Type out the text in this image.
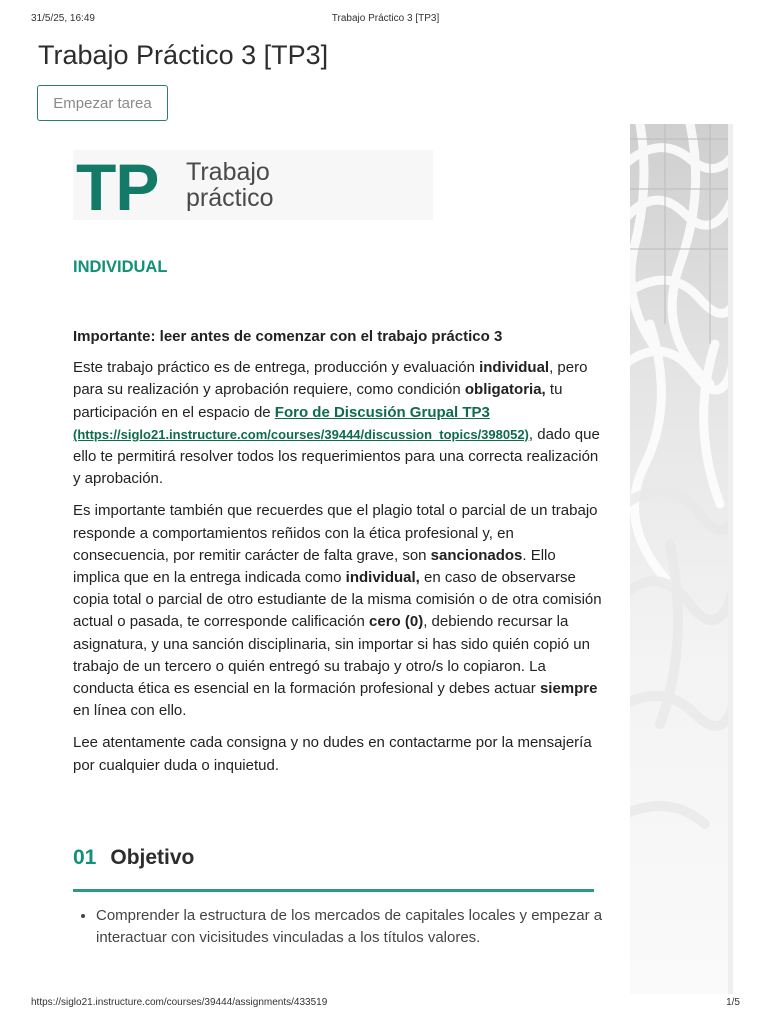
31/5/25, 16:49	Trabajo Práctico 3 [TP3]
Trabajo Práctico 3 [TP3]
Empezar tarea
TP Trabajo
práctico
INDIVIDUAL

Importante: leer antes de comenzar con el trabajo práctico 3

Este trabajo práctico es de entrega, producción y evaluación individual, pero para su realización y aprobación requiere, como condición obligatoria, tu participación en el espacio de Foro de Discusión Grupal TP3 (https://siglo21.instructure.com/courses/39444/discussion_topics/398052), dado que ello te permitirá resolver todos los requerimientos para una correcta realización y aprobación.

Es importante también que recuerdes que el plagio total o parcial de un trabajo responde a comportamientos reñidos con la ética profesional y, en consecuencia, por remitir carácter de falta grave, son sancionados. Ello implica que en la entrega indicada como individual, en caso de observarse copia total o parcial de otro estudiante de la misma comisión o de otra comisión actual o pasada, te corresponde calificación cero (0), debiendo recursar la asignatura, y una sanción disciplinaria, sin importar si has sido quién copió un trabajo de un tercero o quién entregó su trabajo y otro/s lo copiaron. La conducta ética es esencial en la formación profesional y debes actuar siempre en línea con ello.

Lee atentamente cada consigna y no dudes en contactarme por la mensajería por cualquier duda o inquietud.

01 Objetivo
• Comprender la estructura de los mercados de capitales locales y empezar a interactuar con vicisitudes vinculadas a los títulos valores.
https://siglo21.instructure.com/courses/39444/assignments/433519	1/5
